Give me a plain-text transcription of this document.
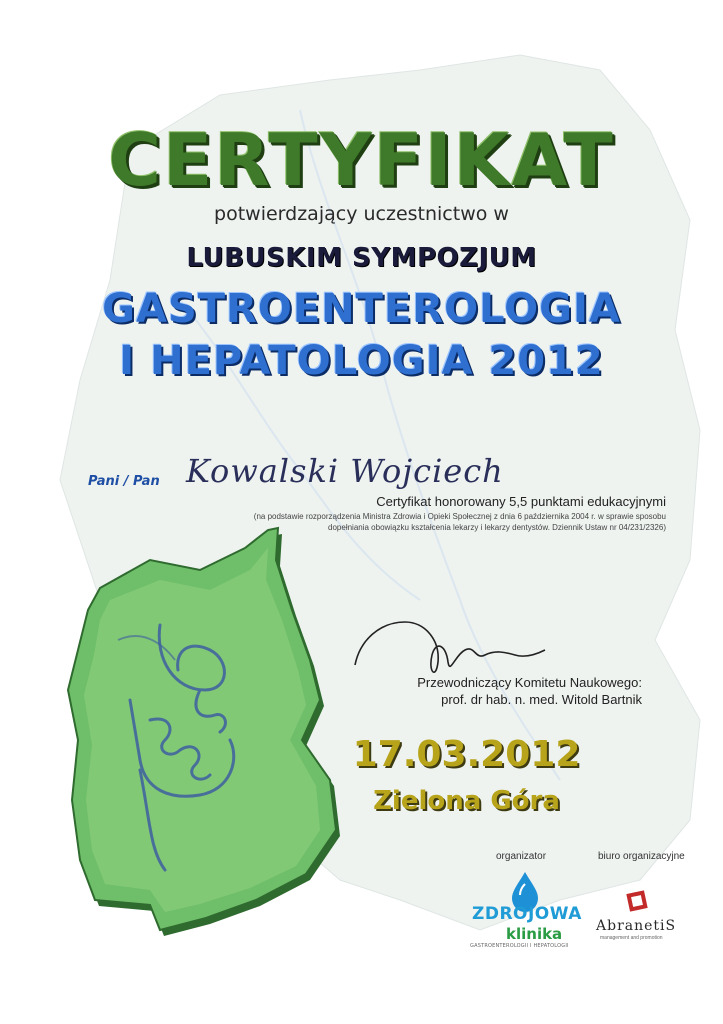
CERTYFIKAT
potwierdzający uczestnictwo w
LUBUSKIM SYMPOZJUM
GASTROENTEROLOGIA
I HEPATOLOGIA 2012
Pani / Pan Kowalski Wojciech
Certyfikat honorowany 5,5 punktami edukacyjnymi
(na podstawie rozporządzenia Ministra Zdrowia i Opieki Społecznej z dnia 6 października 2004 r. w sprawie sposobu
dopełniania obowiązku kształcenia lekarzy i lekarzy dentystów. Dziennik Ustaw nr 04/231/2326)
Przewodniczący Komitetu Naukowego:
prof. dr hab. n. med. Witold Bartnik
17.03.2012
Zielona Góra
organizator	biuro organizacyjne
ZDROJOWA
klinika
GASTROENTEROLOGII I HEPATOLOGII
AbranetiS
management and promotion
